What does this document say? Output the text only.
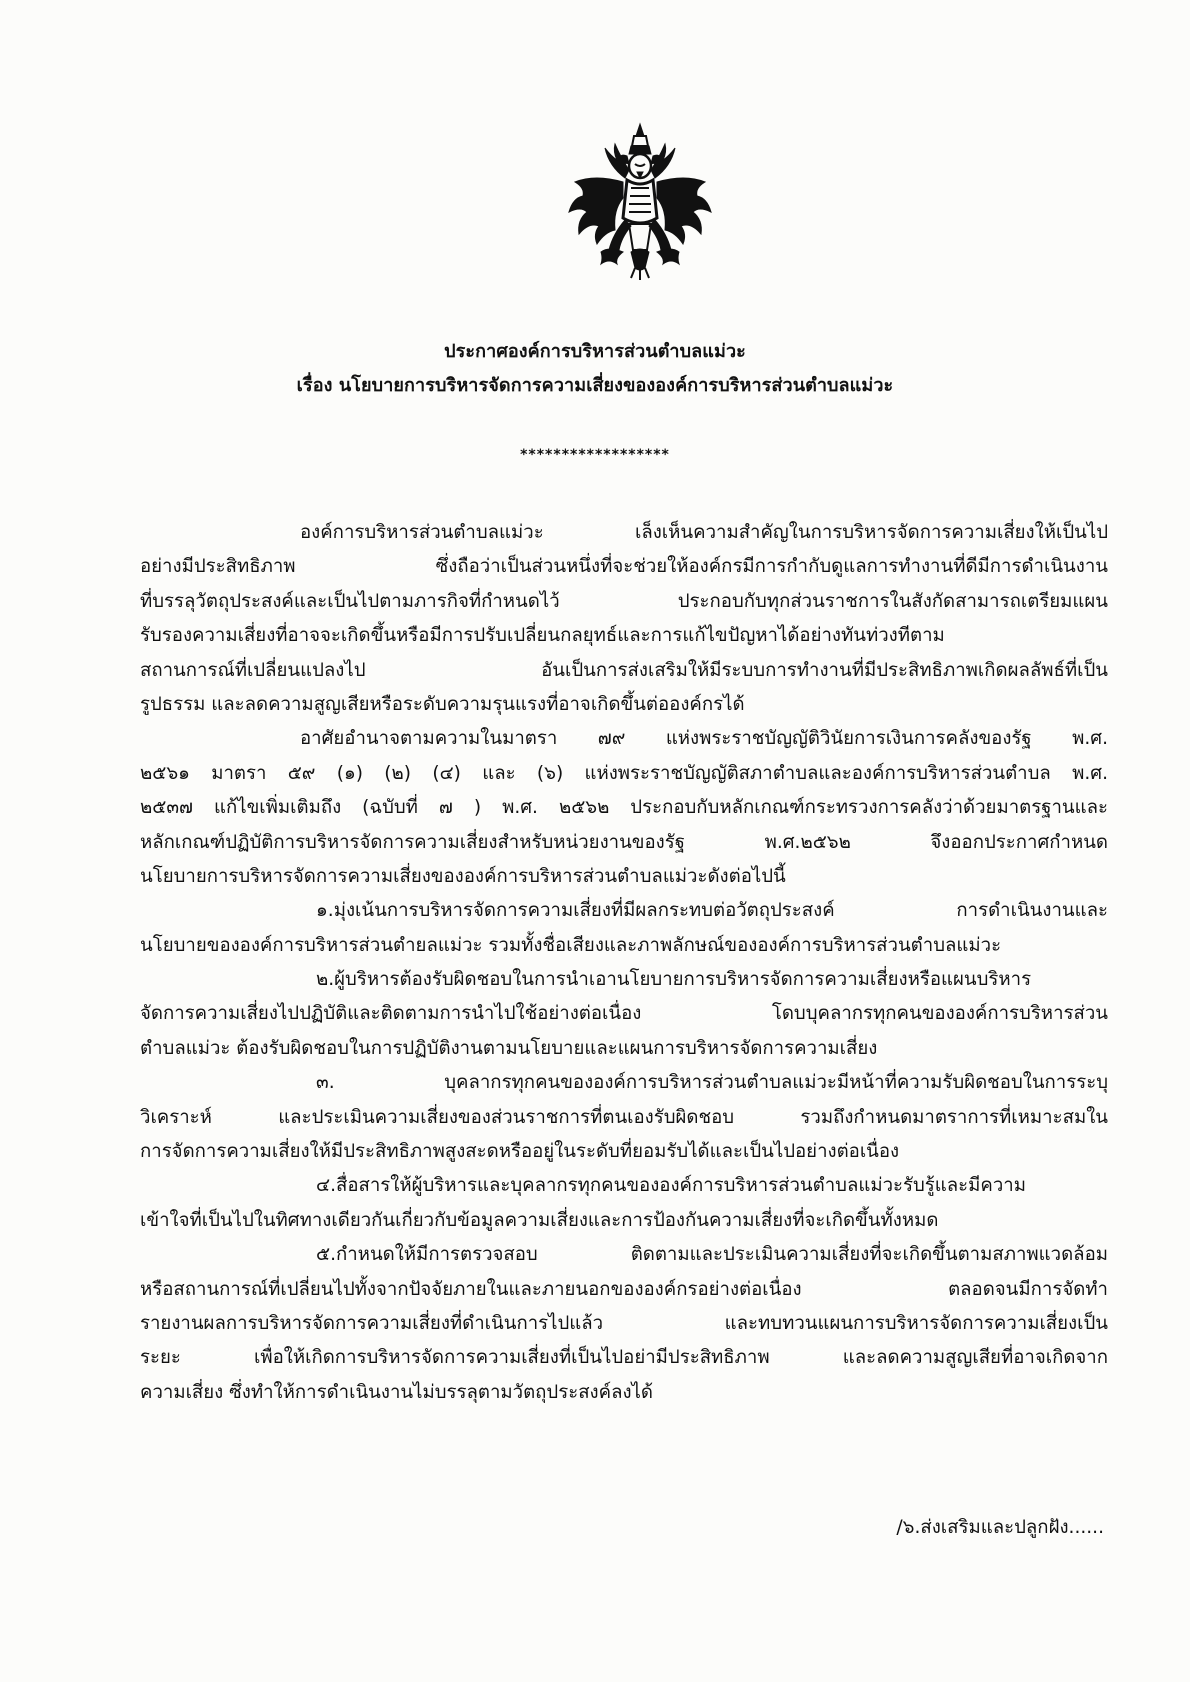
ประกาศองค์การบริหารส่วนตำบลแม่วะ
เรื่อง นโยบายการบริหารจัดการความเสี่ยงขององค์การบริหารส่วนตำบลแม่วะ
******************
องค์การบริหารส่วนตำบลแม่วะ เล็งเห็นความสำคัญในการบริหารจัดการความเสี่ยงให้เป็นไป
อย่างมีประสิทธิภาพ ซึ่งถือว่าเป็นส่วนหนึ่งที่จะช่วยให้องค์กรมีการกำกับดูแลการทำงานที่ดีมีการดำเนินงาน
ที่บรรลุวัตถุประสงค์และเป็นไปตามภารกิจที่กำหนดไว้ ประกอบกับทุกส่วนราชการในสังกัดสามารถเตรียมแผน
รับรองความเสี่ยงที่อาจจะเกิดขึ้นหรือมีการปรับเปลี่ยนกลยุทธ์และการแก้ไขปัญหาได้อย่างทันท่วงทีตาม
สถานการณ์ที่เปลี่ยนแปลงไป อันเป็นการส่งเสริมให้มีระบบการทำงานที่มีประสิทธิภาพเกิดผลลัพธ์ที่เป็น
รูปธรรม และลดความสูญเสียหรือระดับความรุนแรงที่อาจเกิดขึ้นต่อองค์กรได้
อาศัยอำนาจตามความในมาตรา ๗๙ แห่งพระราชบัญญัติวินัยการเงินการคลังของรัฐ พ.ศ.
๒๕๖๑ มาตรา ๕๙ (๑) (๒) (๔) และ (๖) แห่งพระราชบัญญัติสภาตำบลและองค์การบริหารส่วนตำบล พ.ศ.
๒๕๓๗ แก้ไขเพิ่มเติมถึง (ฉบับที่ ๗ ) พ.ศ. ๒๕๖๒ ประกอบกับหลักเกณฑ์กระทรวงการคลังว่าด้วยมาตรฐานและ
หลักเกณฑ์ปฏิบัติการบริหารจัดการความเสี่ยงสำหรับหน่วยงานของรัฐ พ.ศ.๒๕๖๒ จึงออกประกาศกำหนด
นโยบายการบริหารจัดการความเสี่ยงขององค์การบริหารส่วนตำบลแม่วะดังต่อไปนี้
๑.มุ่งเน้นการบริหารจัดการความเสี่ยงที่มีผลกระทบต่อวัตถุประสงค์ การดำเนินงานและ
นโยบายขององค์การบริหารส่วนตำยลแม่วะ รวมทั้งชื่อเสียงและภาพลักษณ์ขององค์การบริหารส่วนตำบลแม่วะ
๒.ผู้บริหารต้องรับผิดชอบในการนำเอานโยบายการบริหารจัดการความเสี่ยงหรือแผนบริหาร
จัดการความเสี่ยงไปปฏิบัติและติดตามการนำไปใช้อย่างต่อเนื่อง โดบบุคลากรทุกคนขององค์การบริหารส่วน
ตำบลแม่วะ ต้องรับผิดชอบในการปฏิบัติงานตามนโยบายและแผนการบริหารจัดการความเสี่ยง
๓. บุคลากรทุกคนขององค์การบริหารส่วนตำบลแม่วะมีหน้าที่ความรับผิดชอบในการระบุ
วิเคราะห์ และประเมินความเสี่ยงของส่วนราชการที่ตนเองรับผิดชอบ รวมถึงกำหนดมาตราการที่เหมาะสมใน
การจัดการความเสี่ยงให้มีประสิทธิภาพสูงสะดหรืออยู่ในระดับที่ยอมรับได้และเป็นไปอย่างต่อเนื่อง
๔.สื่อสารให้ผู้บริหารและบุคลากรทุกคนขององค์การบริหารส่วนตำบลแม่วะรับรู้และมีความ
เข้าใจที่เป็นไปในทิศทางเดียวกันเกี่ยวกับข้อมูลความเสี่ยงและการป้องกันความเสี่ยงที่จะเกิดขึ้นทั้งหมด
๕.กำหนดให้มีการตรวจสอบ ติดตามและประเมินความเสี่ยงที่จะเกิดขึ้นตามสภาพแวดล้อม
หรือสถานการณ์ที่เปลี่ยนไปทั้งจากปัจจัยภายในและภายนอกขององค์กรอย่างต่อเนื่อง ตลอดจนมีการจัดทำ
รายงานผลการบริหารจัดการความเสี่ยงที่ดำเนินการไปแล้ว และทบทวนแผนการบริหารจัดการความเสี่ยงเป็น
ระยะ เพื่อให้เกิดการบริหารจัดการความเสี่ยงที่เป็นไปอย่ามีประสิทธิภาพ และลดความสูญเสียที่อาจเกิดจาก
ความเสี่ยง ซึ่งทำให้การดำเนินงานไม่บรรลุตามวัตถุประสงค์ลงได้
/๖.ส่งเสริมและปลูกฝัง......
